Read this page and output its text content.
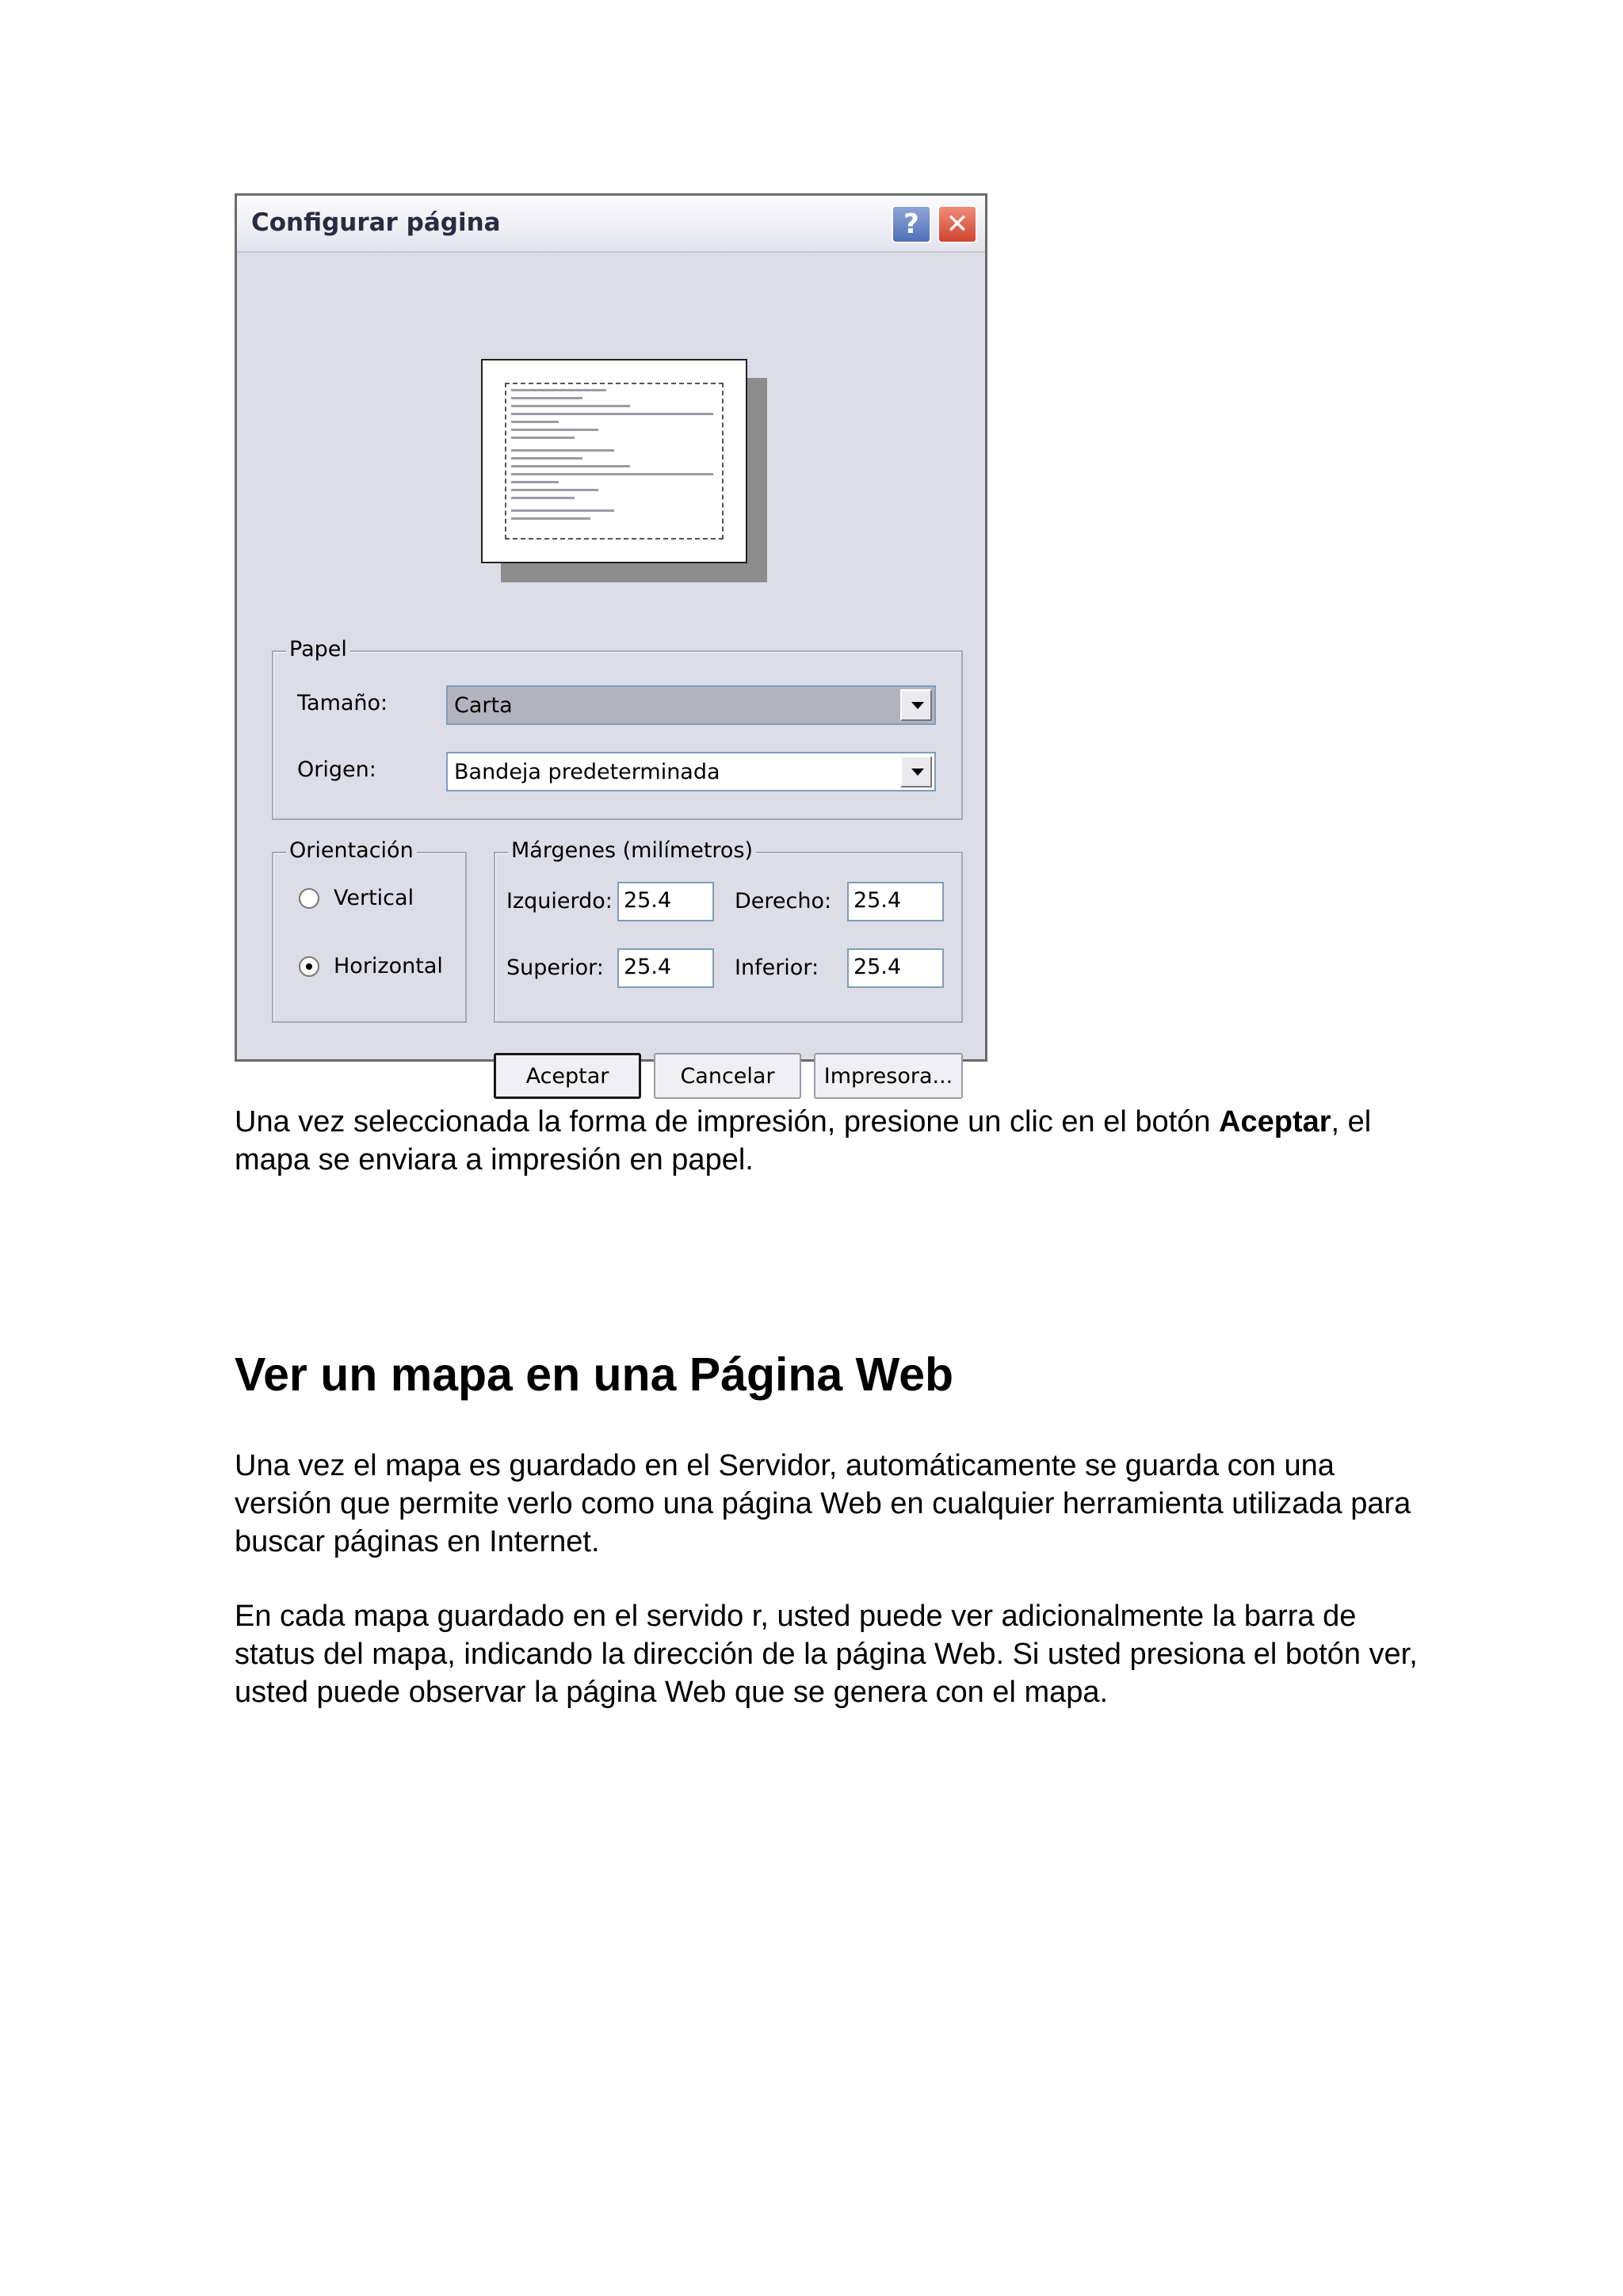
Configurar página	? ✕
Papel
Tamaño:	Carta
Origen:	Bandeja predeterminada
Orientación
Vertical
Horizontal
Márgenes (milímetros)
Izquierdo: 25.4	Derecho: 25.4
Superior: 25.4	Inferior: 25.4
Aceptar	Cancelar	Impresora...

Una vez seleccionada la forma de impresión, presione un clic en el botón Aceptar, el mapa se enviara a impresión en papel.

Ver un mapa en una Página Web

Una vez el mapa es guardado en el Servidor, automáticamente se guarda con una versión que permite verlo como una página Web en cualquier herramienta utilizada para buscar páginas en Internet.

En cada mapa guardado en el servido r, usted puede ver adicionalmente la barra de status del mapa, indicando la dirección de la página Web. Si usted presiona el botón ver, usted puede observar la página Web que se genera con el mapa.
